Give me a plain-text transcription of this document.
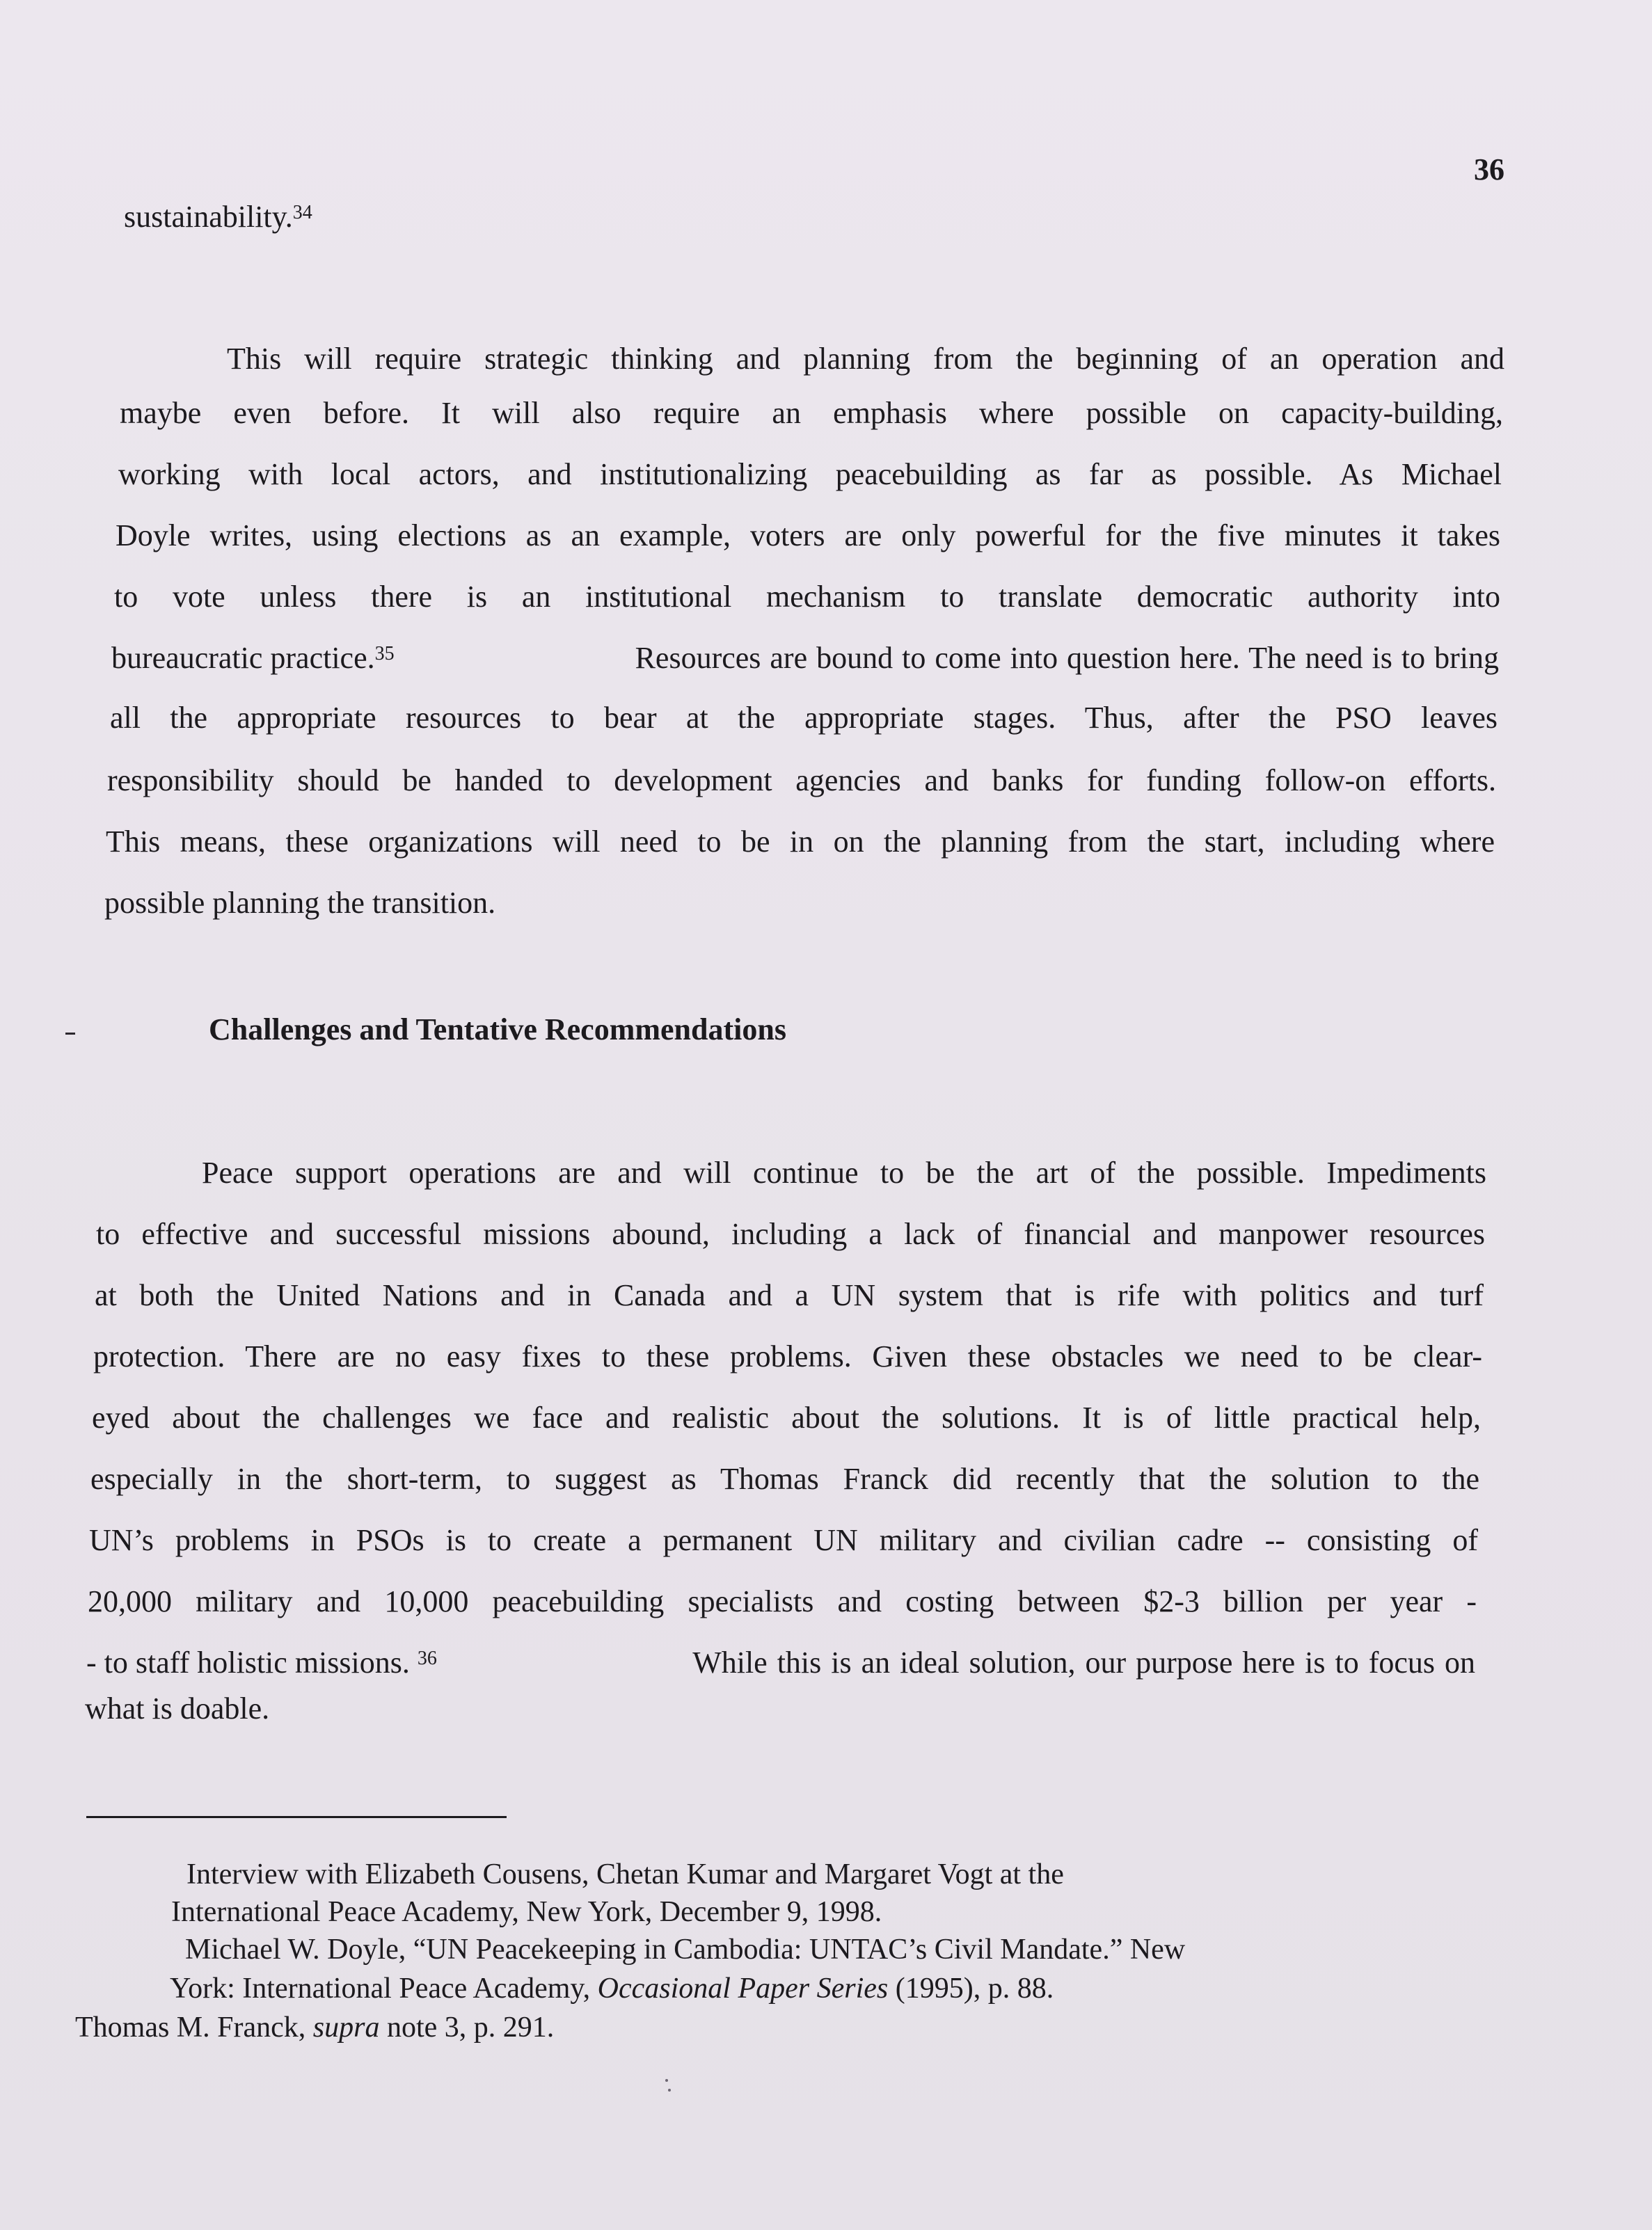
36
sustainability.$^{34}$
This will require strategic thinking and planning from the beginning of an operation and
maybe even before. It will also require an emphasis where possible on capacity-building,
working with local actors, and institutionalizing peacebuilding as far as possible. As Michael
Doyle writes, using elections as an example, voters are only powerful for the five minutes it takes
to vote unless there is an institutional mechanism to translate democratic authority into
bureaucratic practice.$^{35}$	Resources are bound to come into question here. The need is to bring
all the appropriate resources to bear at the appropriate stages. Thus, after the PSO leaves
responsibility should be handed to development agencies and banks for funding follow-on efforts.
This means, these organizations will need to be in on the planning from the start, including where
possible planning the transition.
Challenges and Tentative Recommendations
Peace support operations are and will continue to be the art of the possible. Impediments
to effective and successful missions abound, including a lack of financial and manpower resources
at both the United Nations and in Canada and a UN system that is rife with politics and turf
protection. There are no easy fixes to these problems. Given these obstacles we need to be clear-
eyed about the challenges we face and realistic about the solutions. It is of little practical help,
especially in the short-term, to suggest as Thomas Franck did recently that the solution to the
UN’s problems in PSOs is to create a permanent UN military and civilian cadre -- consisting of
20,000 military and 10,000 peacebuilding specialists and costing between $2-3 billion per year -
- to staff holistic missions. $^{36}$	While this is an ideal solution, our purpose here is to focus on
what is doable.
Interview with Elizabeth Cousens, Chetan Kumar and Margaret Vogt at the
International Peace Academy, New York, December 9, 1998.
Michael W. Doyle, “UN Peacekeeping in Cambodia: UNTAC’s Civil Mandate.” New
York: International Peace Academy, Occasional Paper Series (1995), p. 88.
Thomas M. Franck, supra note 3, p. 291.
